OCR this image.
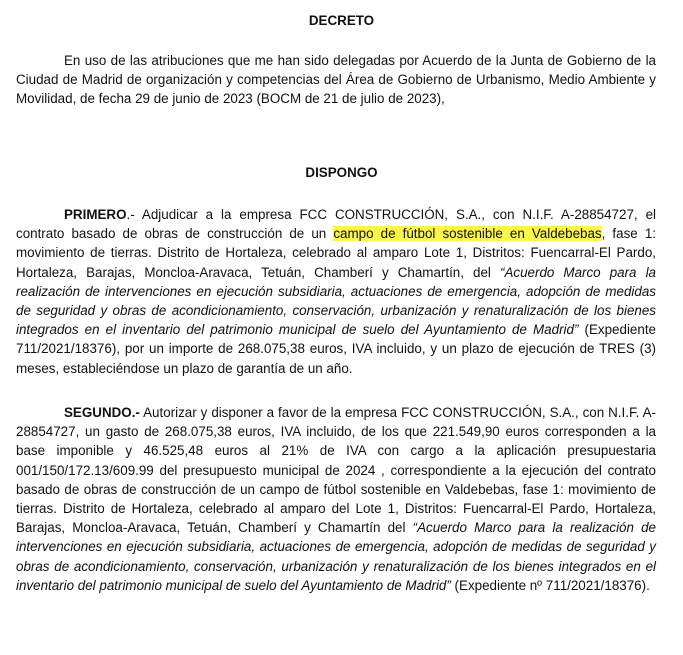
DECRETO

En uso de las atribuciones que me han sido delegadas por Acuerdo de la Junta de Gobierno de la Ciudad de Madrid de organización y competencias del Área de Gobierno de Urbanismo, Medio Ambiente y Movilidad, de fecha 29 de junio de 2023 (BOCM de 21 de julio de 2023),

DISPONGO

PRIMERO.- Adjudicar a la empresa FCC CONSTRUCCIÓN, S.A., con N.I.F. A-28854727, el contrato basado de obras de construcción de un campo de fútbol sostenible en Valdebebas, fase 1: movimiento de tierras. Distrito de Hortaleza, celebrado al amparo Lote 1, Distritos: Fuencarral-El Pardo, Hortaleza, Barajas, Moncloa-Aravaca, Tetuán, Chamberí y Chamartín, del “Acuerdo Marco para la realización de intervenciones en ejecución subsidiaria, actuaciones de emergencia, adopción de medidas de seguridad y obras de acondicionamiento, conservación, urbanización y renaturalización de los bienes integrados en el inventario del patrimonio municipal de suelo del Ayuntamiento de Madrid” (Expediente 711/2021/18376), por un importe de 268.075,38 euros, IVA incluido, y un plazo de ejecución de TRES (3) meses, estableciéndose un plazo de garantía de un año.

SEGUNDO.- Autorizar y disponer a favor de la empresa FCC CONSTRUCCIÓN, S.A., con N.I.F. A-28854727, un gasto de 268.075,38 euros, IVA incluido, de los que 221.549,90 euros corresponden a la base imponible y 46.525,48 euros al 21% de IVA con cargo a la aplicación presupuestaria 001/150/172.13/609.99 del presupuesto municipal de 2024 , correspondiente a la ejecución del contrato basado de obras de construcción de un campo de fútbol sostenible en Valdebebas, fase 1: movimiento de tierras. Distrito de Hortaleza, celebrado al amparo del Lote 1, Distritos: Fuencarral-El Pardo, Hortaleza, Barajas, Moncloa-Aravaca, Tetuán, Chamberí y Chamartín del “Acuerdo Marco para la realización de intervenciones en ejecución subsidiaria, actuaciones de emergencia, adopción de medidas de seguridad y obras de acondicionamiento, conservación, urbanización y renaturalización de los bienes integrados en el inventario del patrimonio municipal de suelo del Ayuntamiento de Madrid” (Expediente nº 711/2021/18376).
